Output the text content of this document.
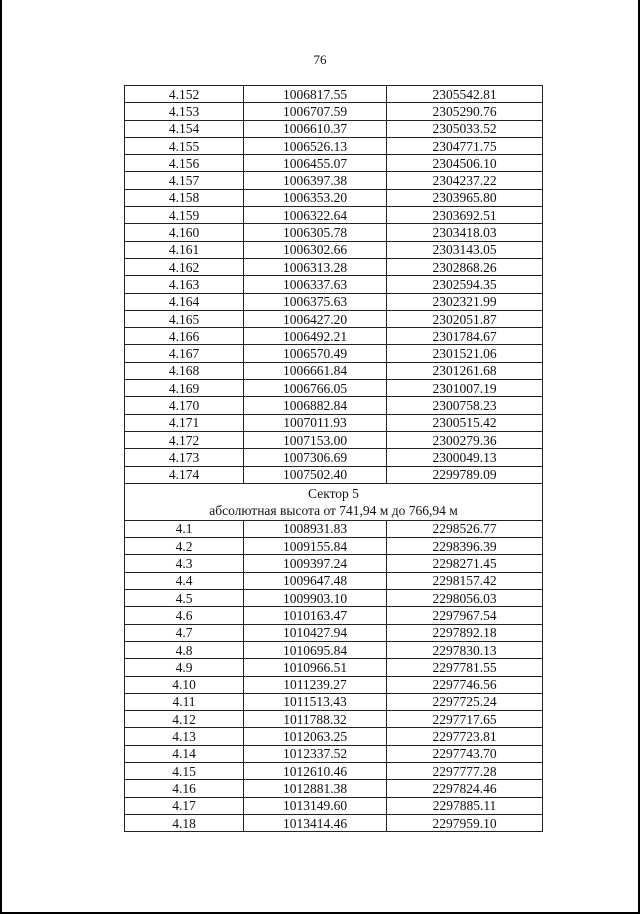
76
4.152	1006817.55	2305542.81
4.153	1006707.59	2305290.76
4.154	1006610.37	2305033.52
4.155	1006526.13	2304771.75
4.156	1006455.07	2304506.10
4.157	1006397.38	2304237.22
4.158	1006353.20	2303965.80
4.159	1006322.64	2303692.51
4.160	1006305.78	2303418.03
4.161	1006302.66	2303143.05
4.162	1006313.28	2302868.26
4.163	1006337.63	2302594.35
4.164	1006375.63	2302321.99
4.165	1006427.20	2302051.87
4.166	1006492.21	2301784.67
4.167	1006570.49	2301521.06
4.168	1006661.84	2301261.68
4.169	1006766.05	2301007.19
4.170	1006882.84	2300758.23
4.171	1007011.93	2300515.42
4.172	1007153.00	2300279.36
4.173	1007306.69	2300049.13
4.174	1007502.40	2299789.09

Сектор 5
абсолютная высота от 741,94 м до 766,94 м		

4.1	1008931.83	2298526.77
4.2	1009155.84	2298396.39
4.3	1009397.24	2298271.45
4.4	1009647.48	2298157.42
4.5	1009903.10	2298056.03
4.6	1010163.47	2297967.54
4.7	1010427.94	2297892.18
4.8	1010695.84	2297830.13
4.9	1010966.51	2297781.55
4.10	1011239.27	2297746.56
4.11	1011513.43	2297725.24
4.12	1011788.32	2297717.65
4.13	1012063.25	2297723.81
4.14	1012337.52	2297743.70
4.15	1012610.46	2297777.28
4.16	1012881.38	2297824.46
4.17	1013149.60	2297885.11
4.18	1013414.46	2297959.10
